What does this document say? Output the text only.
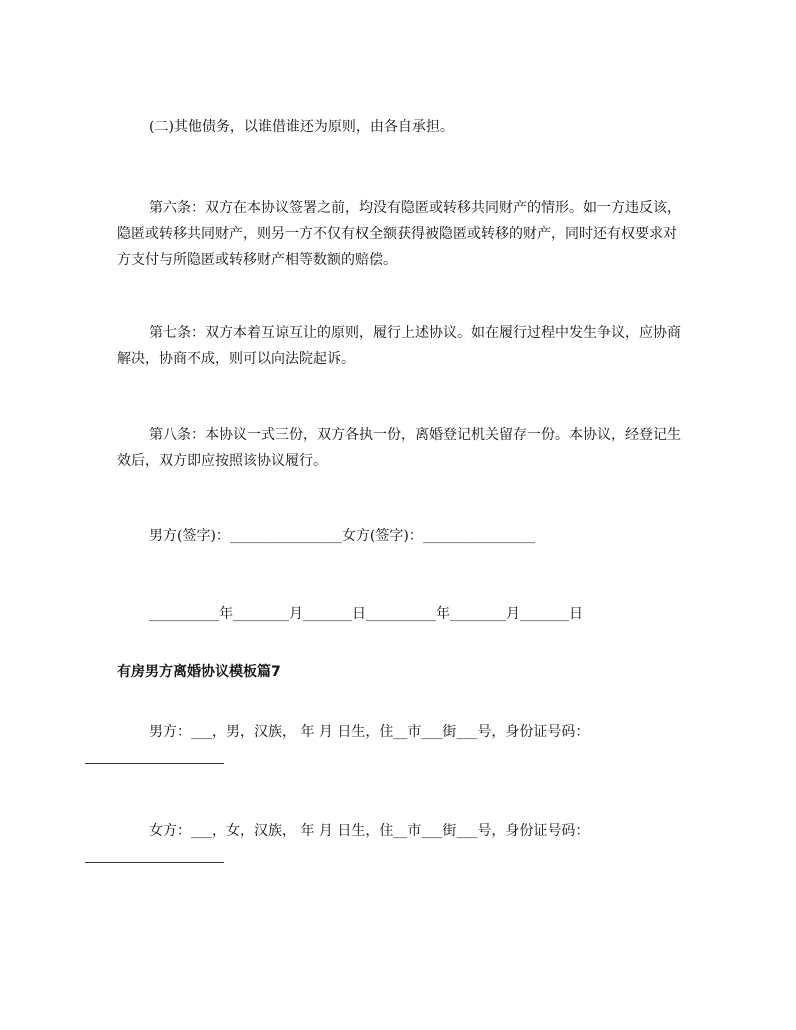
(二)其他债务，以谁借谁还为原则，由各自承担。

第六条：双方在本协议签署之前，均没有隐匿或转移共同财产的情形。如一方违反该，隐匿或转移共同财产，则另一方不仅有权全额获得被隐匿或转移的财产，同时还有权要求对方支付与所隐匿或转移财产相等数额的赔偿。

第七条：双方本着互谅互让的原则，履行上述协议。如在履行过程中发生争议，应协商解决，协商不成，则可以向法院起诉。

第八条：本协议一式三份，双方各执一份，离婚登记机关留存一份。本协议，经登记生效后，双方即应按照该协议履行。

男方(签字)：________________女方(签字)：________________

__________年________月_______日__________年________月_______日

有房男方离婚协议模板篇7

男方：___，男，汉族， 年 月 日生，住__市___街___号，身份证号码：
女方：___，女，汉族， 年 月 日生，住__市___街___号，身份证号码：
